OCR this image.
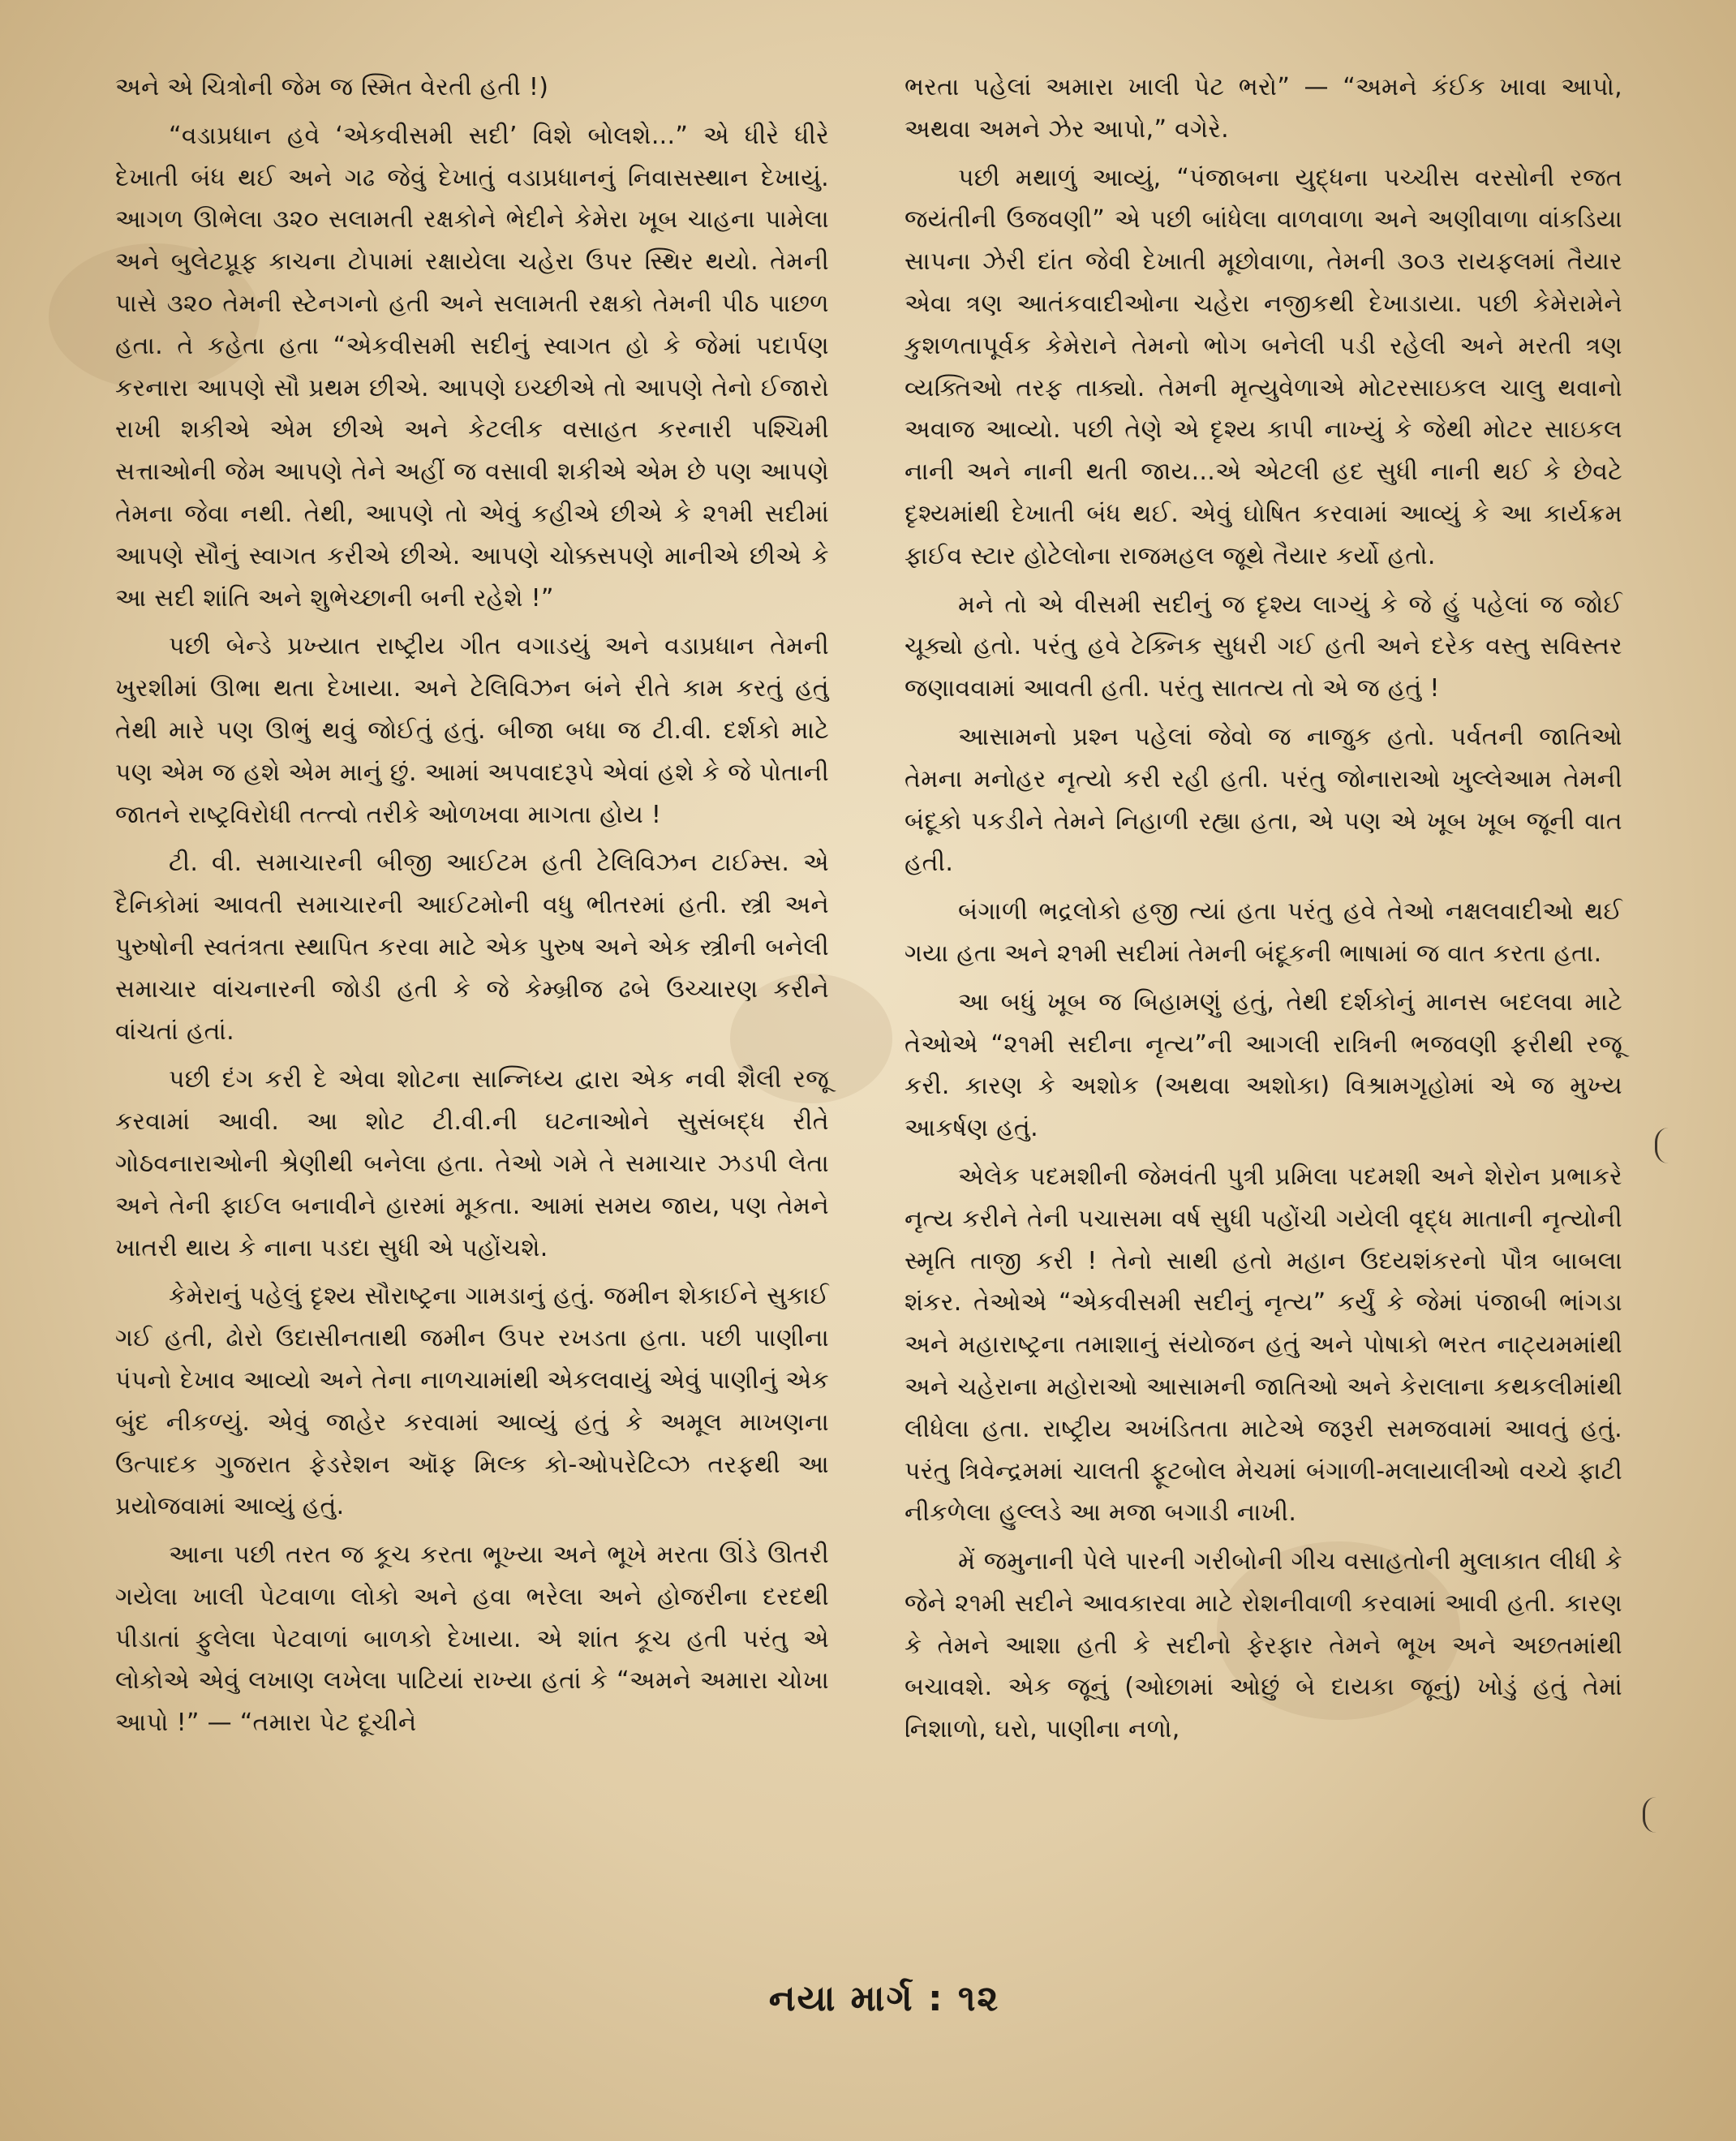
અને એ ચિત્રોની જેમ જ સ્મિત વેરતી હતી !)

“વડાપ્રધાન હવે ‘એકવીસમી સદી’ વિશે બોલશે...” એ ધીરે ધીરે દેખાતી બંધ થઈ અને ગઢ જેવું દેખાતું વડાપ્રધાનનું નિવાસસ્થાન દેખાયું. આગળ ઊભેલા ૩૨૦ સલામતી રક્ષકોને ભેદીને કેમેરા ખૂબ ચાહના પામેલા અને બુલેટપ્રૂફ કાચના ટોપામાં રક્ષાયેલા ચહેરા ઉપર સ્થિર થયો. તેમની પાસે ૩૨૦ તેમની સ્ટેનગનો હતી અને સલામતી રક્ષકો તેમની પીઠ પાછળ હતા. તે કહેતા હતા “એકવીસમી સદીનું સ્વાગત હો કે જેમાં પદાર્પણ કરનારા આપણે સૌ પ્રથમ છીએ. આપણે ઇચ્છીએ તો આપણે તેનો ઈજારો રાખી શકીએ એમ છીએ અને કેટલીક વસાહત કરનારી પશ્ચિમી સત્તાઓની જેમ આપણે તેને અહીં જ વસાવી શકીએ એમ છે પણ આપણે તેમના જેવા નથી. તેથી, આપણે તો એવું કહીએ છીએ કે ૨૧મી સદીમાં આપણે સૌનું સ્વાગત કરીએ છીએ. આપણે ચોક્કસપણે માનીએ છીએ કે આ સદી શાંતિ અને શુભેચ્છાની બની રહેશે !”

પછી બેન્ડે પ્રખ્યાત રાષ્ટ્રીય ગીત વગાડયું અને વડાપ્રધાન તેમની ખુરશીમાં ઊભા થતા દેખાયા. અને ટેલિવિઝન બંને રીતે કામ કરતું હતું તેથી મારે પણ ઊભું થવું જોઈતું હતું. બીજા બધા જ ટી.વી. દર્શકો માટે પણ એમ જ હશે એમ માનું છું. આમાં અપવાદરૂપે એવાં હશે કે જે પોતાની જાતને રાષ્ટ્રવિરોધી તત્ત્વો તરીકે ઓળખવા માગતા હોય !

ટી. વી. સમાચારની બીજી આઈટમ હતી ટેલિવિઝન ટાઈમ્સ. એ દૈનિકોમાં આવતી સમાચારની આઈટમોની વધુ ભીતરમાં હતી. સ્ત્રી અને પુરુષોની સ્વતંત્રતા સ્થાપિત કરવા માટે એક પુરુષ અને એક સ્ત્રીની બનેલી સમાચાર વાંચનારની જોડી હતી કે જે કેમ્બ્રીજ ઢબે ઉચ્ચારણ કરીને વાંચતાં હતાં.

પછી દંગ કરી દે એવા શોટના સાન્નિધ્ય દ્વારા એક નવી શૈલી રજૂ કરવામાં આવી. આ શોટ ટી.વી.ની ઘટનાઓને સુસંબદ્ધ રીતે ગોઠવનારાઓની શ્રેણીથી બનેલા હતા. તેઓ ગમે તે સમાચાર ઝડપી લેતા અને તેની ફાઈલ બનાવીને હારમાં મૂકતા. આમાં સમય જાય, પણ તેમને ખાતરી થાય કે નાના પડદા સુધી એ પહોંચશે.

કેમેરાનું પહેલું દૃશ્ય સૌરાષ્ટ્રના ગામડાનું હતું. જમીન શેકાઈને સુકાઈ ગઈ હતી, ઢોરો ઉદાસીનતાથી જમીન ઉપર રખડતા હતા. પછી પાણીના પંપનો દેખાવ આવ્યો અને તેના નાળચામાંથી એકલવાયું એવું પાણીનું એક બુંદ નીકળ્યું. એવું જાહેર કરવામાં આવ્યું હતું કે અમૂલ માખણના ઉત્પાદક ગુજરાત ફેડરેશન ઑફ મિલ્ક કો-ઓપરેટિવ્ઝ તરફથી આ પ્રયોજવામાં આવ્યું હતું.

આના પછી તરત જ કૂચ કરતા ભૂખ્યા અને ભૂખે મરતા ઊંડે ઊતરી ગયેલા ખાલી પેટવાળા લોકો અને હવા ભરેલા અને હોજરીના દરદથી પીડાતાં ફુલેલા પેટવાળાં બાળકો દેખાયા. એ શાંત કૂચ હતી પરંતુ એ લોકોએ એવું લખાણ લખેલા પાટિયાં રાખ્યા હતાં કે “અમને અમારા ચોખા આપો !” — “તમારા પેટ દૂચીને

ભરતા પહેલાં અમારા ખાલી પેટ ભરો” — “અમને કંઈક ખાવા આપો, અથવા અમને ઝેર આપો,” વગેરે.

પછી મથાળું આવ્યું, “પંજાબના યુદ્ધના પચ્ચીસ વરસોની રજત જયંતીની ઉજવણી” એ પછી બાંધેલા વાળવાળા અને અણીવાળા વાંકડિયા સાપના ઝેરી દાંત જેવી દેખાતી મૂછોવાળા, તેમની ૩૦૩ રાયફલમાં તૈયાર એવા ત્રણ આતંકવાદીઓના ચહેરા નજીકથી દેખાડાયા. પછી કેમેરામેને કુશળતાપૂર્વક કેમેરાને તેમનો ભોગ બનેલી પડી રહેલી અને મરતી ત્રણ વ્યક્તિઓ તરફ તાક્યો. તેમની મૃત્યુવેળાએ મોટરસાઇકલ ચાલુ થવાનો અવાજ આવ્યો. પછી તેણે એ દૃશ્ય કાપી નાખ્યું કે જેથી મોટર સાઇકલ નાની અને નાની થતી જાય...એ એટલી હદ સુધી નાની થઈ કે છેવટે દૃશ્યમાંથી દેખાતી બંધ થઈ. એવું ઘોષિત કરવામાં આવ્યું કે આ કાર્યક્રમ ફાઈવ સ્ટાર હોટેલોના રાજમહલ જૂથે તૈયાર કર્યો હતો.

મને તો એ વીસમી સદીનું જ દૃશ્ય લાગ્યું કે જે હું પહેલાં જ જોઈ ચૂક્યો હતો. પરંતુ હવે ટેક્નિક સુધરી ગઈ હતી અને દરેક વસ્તુ સવિસ્તર જણાવવામાં આવતી હતી. પરંતુ સાતત્ય તો એ જ હતું !

આસામનો પ્રશ્ન પહેલાં જેવો જ નાજુક હતો. પર્વતની જાતિઓ તેમના મનોહર નૃત્યો કરી રહી હતી. પરંતુ જોનારાઓ ખુલ્લેઆમ તેમની બંદૂકો પકડીને તેમને નિહાળી રહ્યા હતા, એ પણ એ ખૂબ ખૂબ જૂની વાત હતી.

બંગાળી ભદ્રલોકો હજી ત્યાં હતા પરંતુ હવે તેઓ નક્ષલવાદીઓ થઈ ગયા હતા અને ૨૧મી સદીમાં તેમની બંદૂકની ભાષામાં જ વાત કરતા હતા.

આ બધું ખૂબ જ બિહામણું હતું, તેથી દર્શકોનું માનસ બદલવા માટે તેઓએ “૨૧મી સદીના નૃત્ય”ની આગલી રાત્રિની ભજવણી ફરીથી રજૂ કરી. કારણ કે અશોક (અથવા અશોકા) વિશ્રામગૃહોમાં એ જ મુખ્ય આકર્ષણ હતું.

એલેક પદમશીની જેમવંતી પુત્રી પ્રમિલા પદમશી અને શેરોન પ્રભાકરે નૃત્ય કરીને તેની પચાસમા વર્ષ સુધી પહોંચી ગયેલી વૃદ્ધ માતાની નૃત્યોની સ્મૃતિ તાજી કરી ! તેનો સાથી હતો મહાન ઉદયશંકરનો પૌત્ર બાબલા શંકર. તેઓએ “એકવીસમી સદીનું નૃત્ય” કર્યું કે જેમાં પંજાબી ભાંગડા અને મહારાષ્ટ્રના તમાશાનું સંયોજન હતું અને પોષાકો ભરત નાટ્યમમાંથી અને ચહેરાના મહોરાઓ આસામની જાતિઓ અને કેરાલાના કથકલીમાંથી લીધેલા હતા. રાષ્ટ્રીય અખંડિતતા માટેએ જરૂરી સમજવામાં આવતું હતું. પરંતુ ત્રિવેન્દ્રમમાં ચાલતી ફૂટબોલ મેચમાં બંગાળી-મલાયાલીઓ વચ્ચે ફાટી નીકળેલા હુલ્લડે આ મજા બગાડી નાખી.

મેં જમુનાની પેલે પારની ગરીબોની ગીચ વસાહતોની મુલાકાત લીધી કે જેને ૨૧મી સદીને આવકારવા માટે રોશનીવાળી કરવામાં આવી હતી. કારણ કે તેમને આશા હતી કે સદીનો ફેરફાર તેમને ભૂખ અને અછતમાંથી બચાવશે. એક જૂનું (ઓછામાં ઓછું બે દાયકા જૂનું) ખોડું હતું તેમાં નિશાળો, ઘરો, પાણીના નળો,

નયા માર્ગ : ૧૨
